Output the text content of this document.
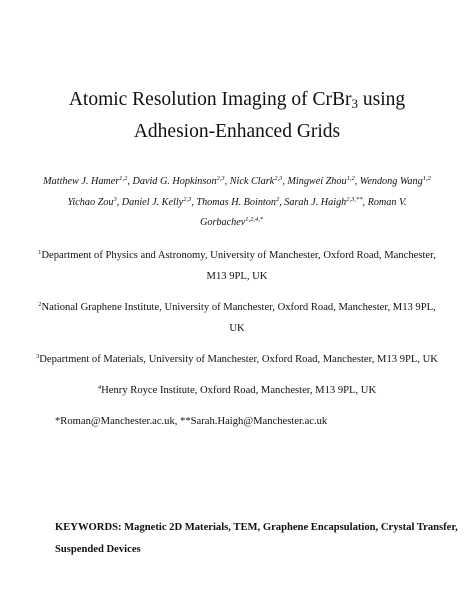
Atomic Resolution Imaging of CrBr$_3$ using
Adhesion-Enhanced Grids
Matthew J. Hamer$^{1,2}$, David G. Hopkinson$^{2,3}$, Nick Clark$^{2,3}$, Mingwei Zhou$^{1,2}$, Wendong Wang$^{1,2}$
Yichao Zou$^3$, Daniel J. Kelly$^{2,3}$, Thomas H. Bointon$^2$, Sarah J. Haigh$^{2,3,**}$, Roman V.
Gorbachev$^{1,2,4,*}$
$^1$Department of Physics and Astronomy, University of Manchester, Oxford Road, Manchester,
M13 9PL, UK
$^2$National Graphene Institute, University of Manchester, Oxford Road, Manchester, M13 9PL,
UK
$^3$Department of Materials, University of Manchester, Oxford Road, Manchester, M13 9PL, UK
$^4$Henry Royce Institute, Oxford Road, Manchester, M13 9PL, UK
*Roman@Manchester.ac.uk, **Sarah.Haigh@Manchester.ac.uk
KEYWORDS: Magnetic 2D Materials, TEM, Graphene Encapsulation, Crystal Transfer,
Suspended Devices
